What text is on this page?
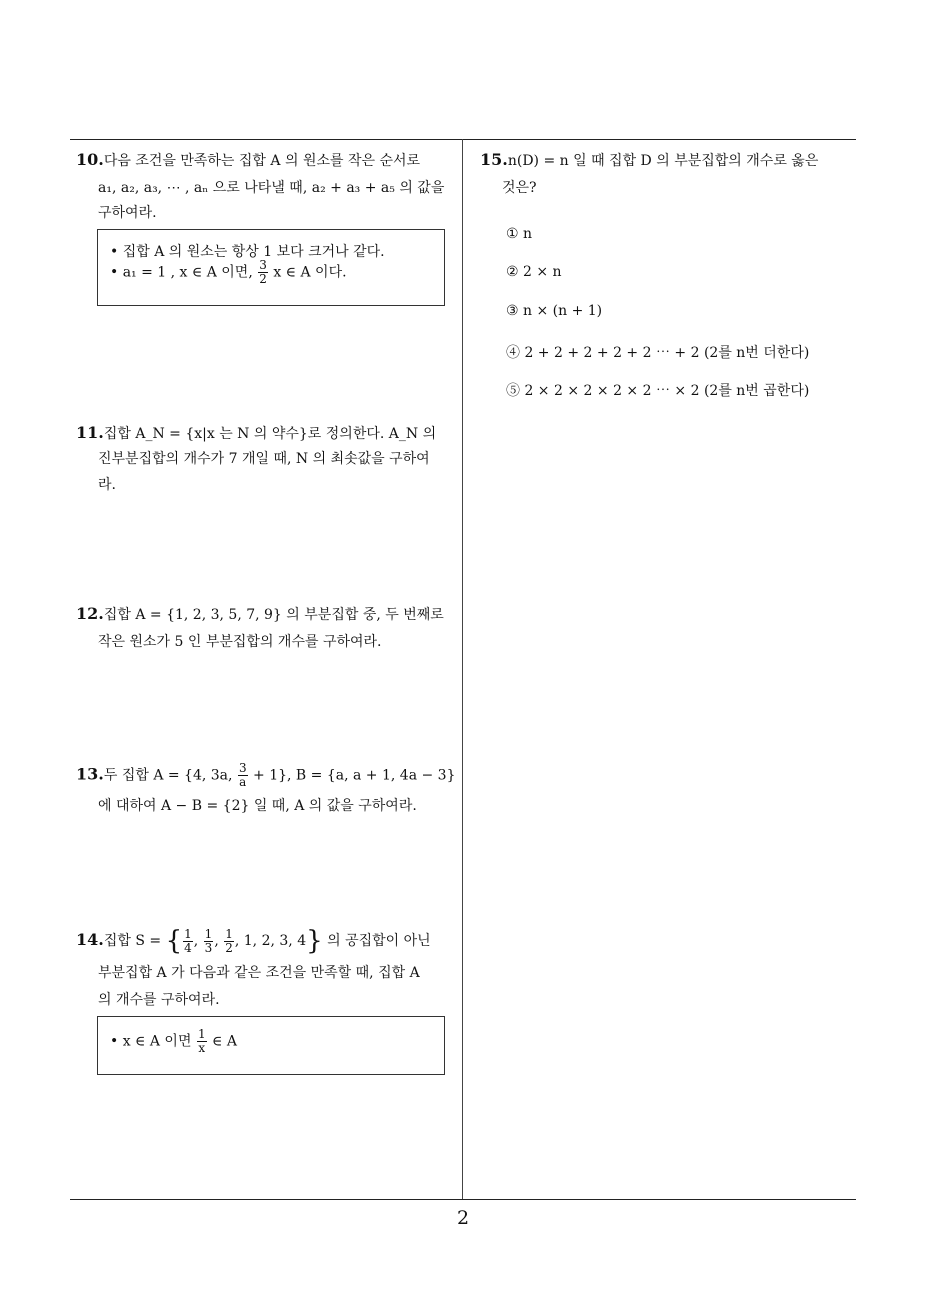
10.다음 조건을 만족하는 집합 A 의 원소를 작은 순서로
a₁, a₂, a₃, ⋯ , aₙ 으로 나타낼 때, a₂ + a₃ + a₅ 의 값을
구하여라.
• 집합 A 의 원소는 항상 1 보다 크거나 같다.
• a₁ = 1 , x ∈ A 이면, $\frac{3}{2}$ x ∈ A 이다.
11.집합 A_N = {x|x 는 N 의 약수}로 정의한다. A_N 의
진부분집합의 개수가 7 개일 때, N 의 최솟값을 구하여
라.
12.집합 A = {1, 2, 3, 5, 7, 9} 의 부분집합 중, 두 번째로
작은 원소가 5 인 부분집합의 개수를 구하여라.
13.두 집합 A = {4, 3a, $\frac{3}{a} + 1$}, B = {a, a + 1, 4a − 3}
에 대하여 A − B = {2} 일 때, A 의 값을 구하여라.
14.집합 S = { $\frac{1}{4}$ , $\frac{1}{3}$ , $\frac{1}{2}$ , 1, 2, 3, 4} 의 공집합이 아닌
부분집합 A 가 다음과 같은 조건을 만족할 때, 집합 A
의 개수를 구하여라.
• x ∈ A 이면 $\frac{1}{x}$ ∈ A
15.n(D) = n 일 때 집합 D 의 부분집합의 개수로 옳은
것은?
① n
② 2 × n
③ n × (n + 1)
④ 2 + 2 + 2 + 2 + 2 ⋯ + 2 (2를 n번 더한다)
⑤ 2 × 2 × 2 × 2 × 2 ⋯ × 2 (2를 n번 곱한다)
2
